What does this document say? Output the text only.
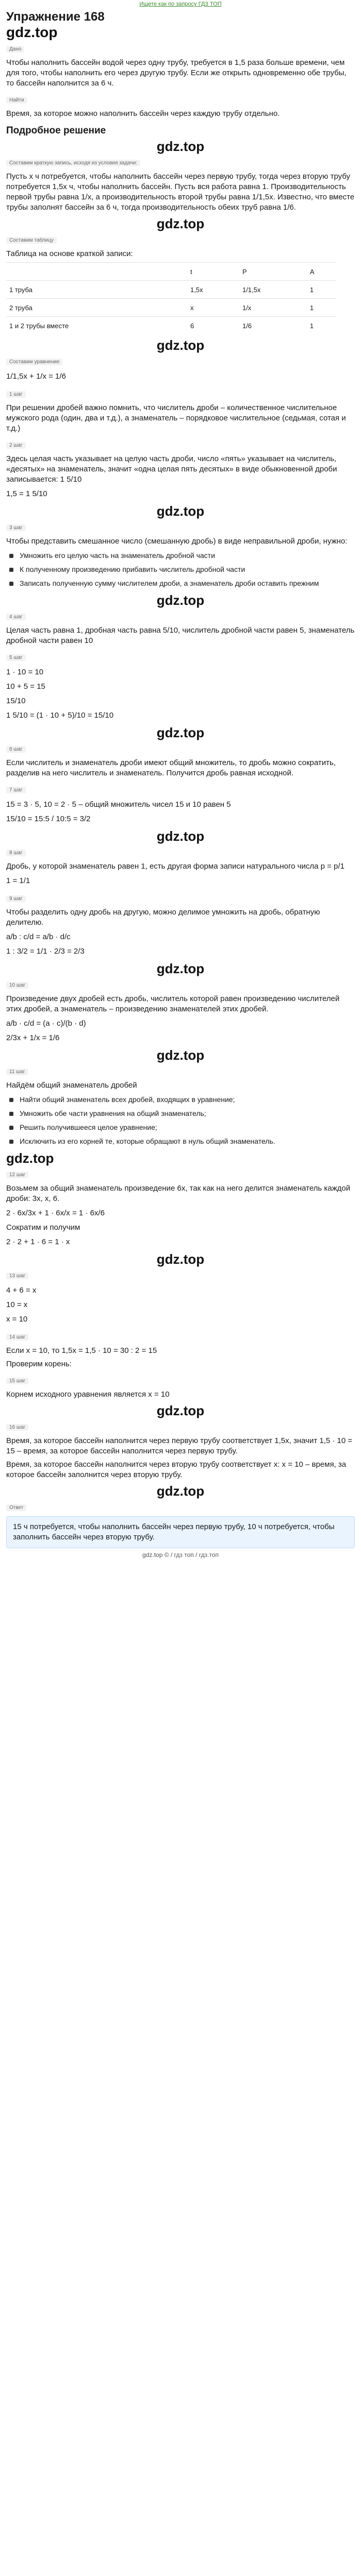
Ищете как по запросу ГДЗ ТОП
Упражнение 168
gdz.top
Дано

Чтобы наполнить бассейн водой через одну трубу, требуется в 1,5 раза больше времени, чем для того, чтобы наполнить его через другую трубу. Если же открыть одновременно обе трубы, то бассейн наполнится за 6 ч.

Найти

Время, за которое можно наполнить бассейн через каждую трубу отдельно.

Подробное решение
gdz.top
Составим краткую запись, исходя из условия задачи:

Пусть x ч потребуется, чтобы наполнить бассейн через первую трубу, тогда через вторую трубу потребуется 1,5x ч, чтобы наполнить бассейн. Пусть вся работа равна 1. Производительность первой трубы равна 1/x, а производительность второй трубы равна 1/1,5x. Известно, что вместе трубы заполнят бассейн за 6 ч, тогда производительность обеих труб равна 1/6.

gdz.top
Составим таблицу

Таблица на основе краткой записи:

	t	P	A
1 труба	1,5x	1/1,5x	1
2 труба	x	1/x	1
1 и 2 трубы вместе	6	1/6	1
gdz.top
Составим уравнение

1/1,5x + 1/x = 1/6

1 шаг

При решении дробей важно помнить, что числитель дроби – количественное числительное мужского рода (один, два и т.д.), а знаменатель – порядковое числительное (седьмая, сотая и т.д.)

2 шаг

Здесь целая часть указывает на целую часть дроби, число «пять» указывает на числитель, «десятых» на знаменатель, значит «одна целая пять десятых» в виде обыкновенной дроби записывается: 1 5/10

1,5 = 1 5/10

gdz.top
3 шаг

Чтобы представить смешанное число (смешанную дробь) в виде неправильной дроби, нужно:

Умножить его целую часть на знаменатель дробной части
К полученному произведению прибавить числитель дробной части
Записать полученную сумму числителем дроби, а знаменатель дроби оставить прежним
gdz.top
4 шаг

Целая часть равна 1, дробная часть равна 5/10, числитель дробной части равен 5, знаменатель дробной части равен 10

5 шаг

1 · 10 = 10

10 + 5 = 15

15/10

1 5/10 = (1 · 10 + 5)/10 = 15/10

gdz.top
6 шаг

Если числитель и знаменатель дроби имеют общий множитель, то дробь можно сократить, разделив на него числитель и знаменатель. Получится дробь равная исходной.

7 шаг

15 = 3 · 5, 10 = 2 · 5 – общий множитель чисел 15 и 10 равен 5

15/10 = 15:5 / 10:5 = 3/2

gdz.top
8 шаг

Дробь, у которой знаменатель равен 1, есть другая форма записи натурального числа p = p/1

1 = 1/1

9 шаг

Чтобы разделить одну дробь на другую, можно делимое умножить на дробь, обратную делителю.

a/b : c/d = a/b · d/c

1 : 3/2 = 1/1 · 2/3 = 2/3

gdz.top
10 шаг

Произведение двух дробей есть дробь, числитель которой равен произведению числителей этих дробей, а знаменатель – произведению знаменателей этих дробей.

a/b · c/d = (a · c)/(b · d)

2/3x + 1/x = 1/6

gdz.top
11 шаг

Найдём общий знаменатель дробей

Найти общий знаменатель всех дробей, входящих в уравнение;
Умножить обе части уравнения на общий знаменатель;
Решить получившееся целое уравнение;
Исключить из его корней те, которые обращают в нуль общий знаменатель.
gdz.top
12 шаг

Возьмем за общий знаменатель произведение 6x, так как на него делится знаменатель каждой дроби: 3x, x, 6.

2 · 6x/3x + 1 · 6x/x = 1 · 6x/6

Сократим и получим

2 · 2 + 1 · 6 = 1 · x

gdz.top
13 шаг

4 + 6 = x

10 = x

x = 10

14 шаг

Если x = 10, то 1,5x = 1,5 · 10 = 30 : 2 = 15

Проверим корень:

15 шаг

Корнем исходного уравнения является x = 10

gdz.top
16 шаг

Время, за которое бассейн наполнится через первую трубу соответствует 1,5x, значит 1,5 · 10 = 15 – время, за которое бассейн наполнится через первую трубу.

Время, за которое бассейн наполнится через вторую трубу соответствует x: x = 10 – время, за которое бассейн заполнится через вторую трубу.

gdz.top
Ответ
15 ч потребуется, чтобы наполнить бассейн через первую трубу, 10 ч потребуется, чтобы заполнить бассейн через вторую трубу.
gdz.top © / гдз топ / гдз.топ
